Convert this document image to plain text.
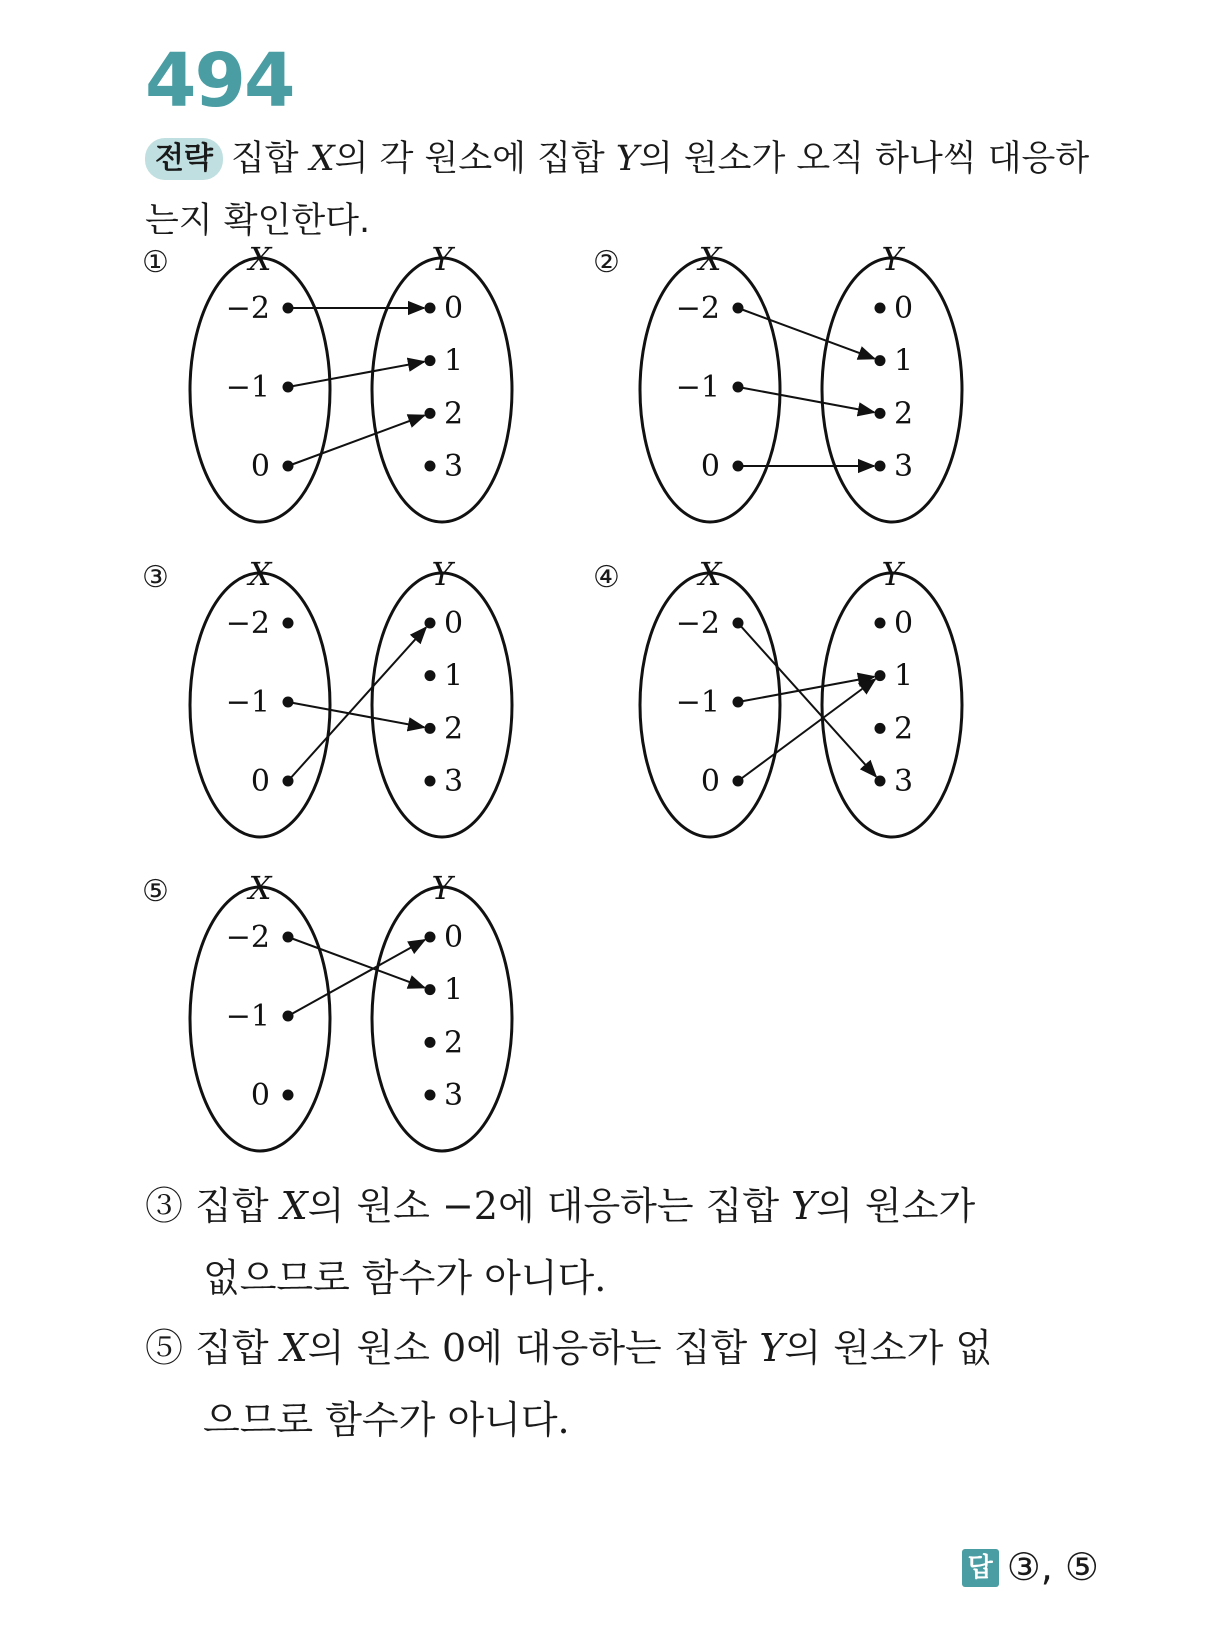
494
전략 집합 X의 각 원소에 집합 Y의 원소가 오직 하나씩 대응하는지 확인한다.
① X	Y
−2
−1
0
0
1
2
3
② X	Y
−2
−1
0
0
1
2
3
③ X	Y
−2
−1
0
0
1
2
3
④ X	Y
−2
−1
0
0
1
2
3
⑤ X	Y
−2
−1
0
0
1
2
3
③ 집합 X의 원소 −2에 대응하는 집합 Y의 원소가
없으므로 함수가 아니다.
⑤ 집합 X의 원소 0에 대응하는 집합 Y의 원소가 없
으므로 함수가 아니다.
답 ③, ⑤
